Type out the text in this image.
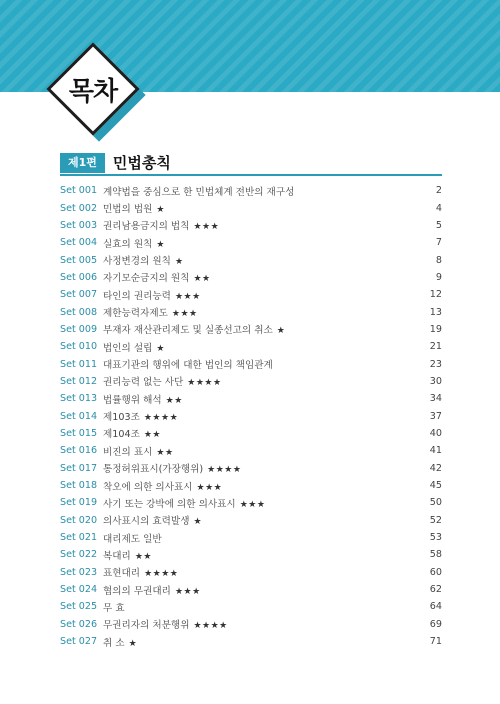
목차
제1편	민법총칙
Set 001 계약법을 중심으로 한 민법체계 전반의 재구성	2
Set 002 민법의 법원 ★	4
Set 003 권리남용금지의 법칙 ★★★	5
Set 004 실효의 원칙 ★	7
Set 005 사정변경의 원칙 ★	8
Set 006 자기모순금지의 원칙 ★★	9
Set 007 타인의 권리능력 ★★★	12
Set 008 제한능력자제도 ★★★	13
Set 009 부재자 재산관리제도 및 실종선고의 취소 ★	19
Set 010 법인의 설립 ★	21
Set 011 대표기관의 행위에 대한 법인의 책임관계	23
Set 012 권리능력 없는 사단 ★★★★	30
Set 013 법률행위 해석 ★★	34
Set 014 제103조 ★★★★	37
Set 015 제104조 ★★	40
Set 016 비진의 표시 ★★	41
Set 017 통정허위표시(가장행위) ★★★★	42
Set 018 착오에 의한 의사표시 ★★★	45
Set 019 사기 또는 강박에 의한 의사표시 ★★★	50
Set 020 의사표시의 효력발생 ★	52
Set 021 대리제도 일반	53
Set 022 복대리 ★★	58
Set 023 표현대리 ★★★★	60
Set 024 협의의 무권대리 ★★★	62
Set 025 무 효	64
Set 026 무권리자의 처분행위 ★★★★	69
Set 027 취 소 ★	71
